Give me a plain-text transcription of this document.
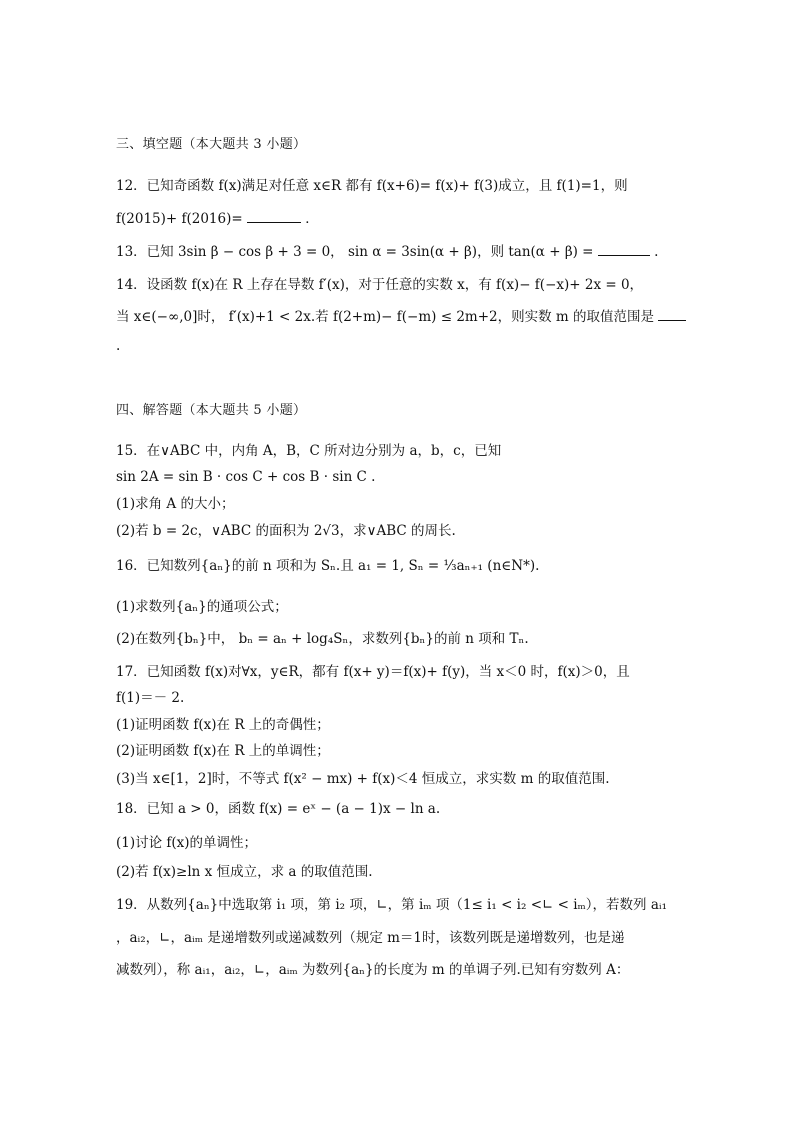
三、填空题（本大题共 3 小题）
12．已知奇函数 f(x)满足对任意 x∈R 都有 f(x+6)= f(x)+ f(3)成立，且 f(1)=1，则
f(2015)+ f(2016)=	．
13．已知 3sin β − cos β + 3 = 0， sin α = 3sin(α + β)，则 tan(α + β) =	.
14．设函数 f(x)在 R 上存在导数 f′(x)，对于任意的实数 x，有 f(x)− f(−x)+ 2x = 0，
当 x∈(−∞,0]时， f′(x)+1 < 2x.若 f(2+m)− f(−m) ≤ 2m+2，则实数 m 的取值范围是
.
四、解答题（本大题共 5 小题）
15．在∨ABC 中，内角 A，B，C 所对边分别为 a，b，c，已知
sin 2A = sin B · cos C + cos B · sin C .
(1)求角 A 的大小；
(2)若 b = 2c，∨ABC 的面积为 2√3，求∨ABC 的周长.
16．已知数列{aₙ}的前 n 项和为 Sₙ.且 a₁ = 1, Sₙ = ⅓aₙ₊₁ (n∈N*).
(1)求数列{aₙ}的通项公式；
(2)在数列{bₙ}中， bₙ = aₙ + log₄Sₙ，求数列{bₙ}的前 n 项和 Tₙ.
17．已知函数 f(x)对∀x，y∈R，都有 f(x+ y)＝f(x)+ f(y)，当 x＜0 时，f(x)＞0，且
f(1)＝－ 2.
(1)证明函数 f(x)在 R 上的奇偶性；
(2)证明函数 f(x)在 R 上的单调性；
(3)当 x∈[1，2]时，不等式 f(x² − mx) + f(x)＜4 恒成立，求实数 m 的取值范围.
18．已知 a > 0，函数 f(x) = eˣ − (a − 1)x − ln a.
(1)讨论 f(x)的单调性；
(2)若 f(x)≥ln x 恒成立，求 a 的取值范围.
19．从数列{aₙ}中选取第 i₁ 项，第 i₂ 项，∟，第 iₘ 项（1≤ i₁ < i₂ <∟ < iₘ），若数列 aᵢ₁
，aᵢ₂，∟，aᵢₘ 是递增数列或递减数列（规定 m＝1时，该数列既是递增数列，也是递
减数列），称 aᵢ₁，aᵢ₂，∟，aᵢₘ 为数列{aₙ}的长度为 m 的单调子列.已知有穷数列 A：
